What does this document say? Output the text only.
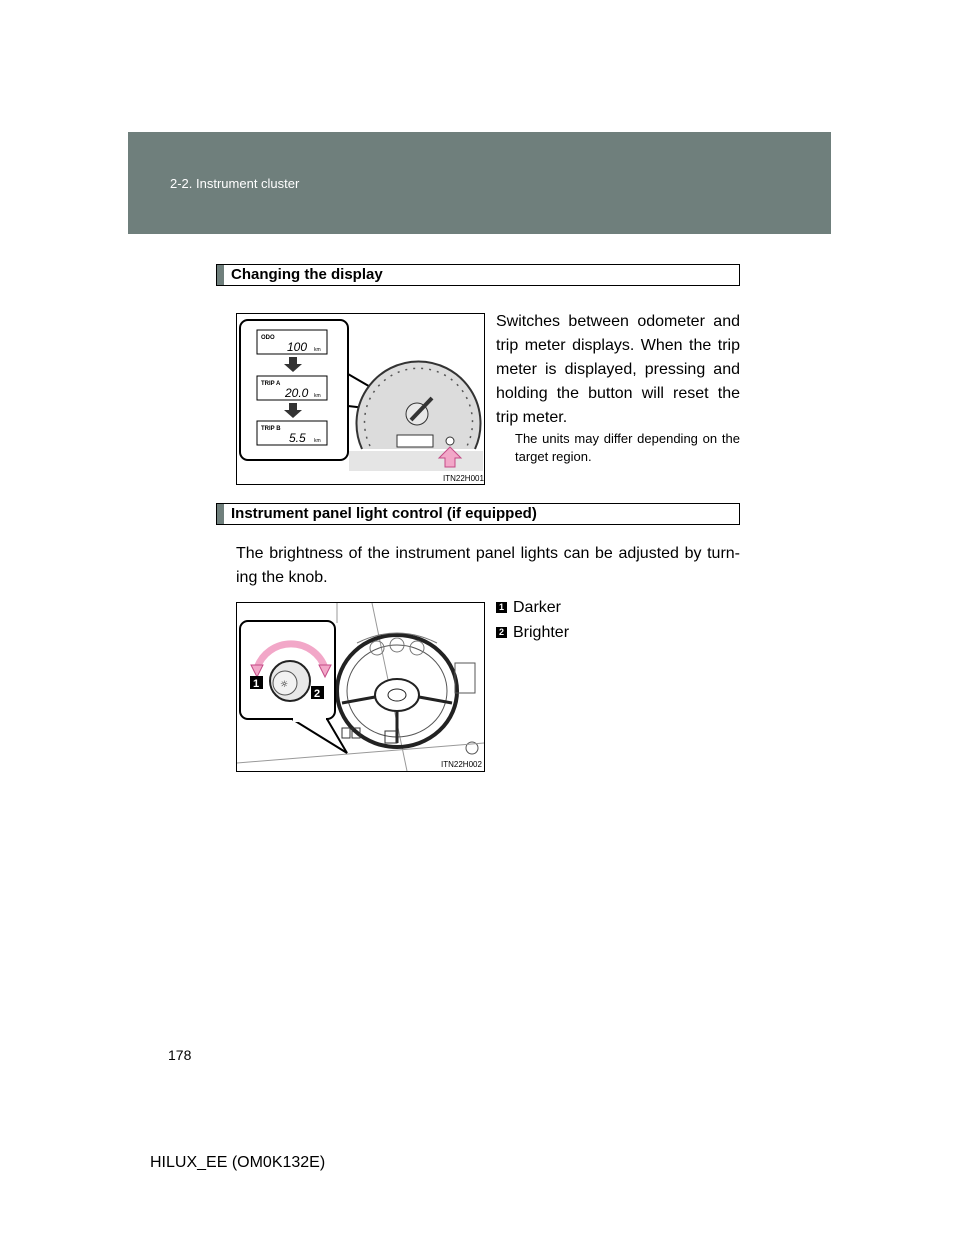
2-2. Instrument cluster
Changing the display
ODO
100 km
TRIP A
20.0 km
TRIP B
5.5 km
ITN22H001
Switches between odometer and trip meter displays. When the trip meter is displayed, pressing and holding the button will reset the trip meter.
The units may differ depending on the target region.
Instrument panel light control (if equipped)
The brightness of the instrument panel lights can be adjusted by turn-ing the knob.
☼
1
2
ITN22H002
1 Darker
2 Brighter
178
HILUX_EE (OM0K132E)
